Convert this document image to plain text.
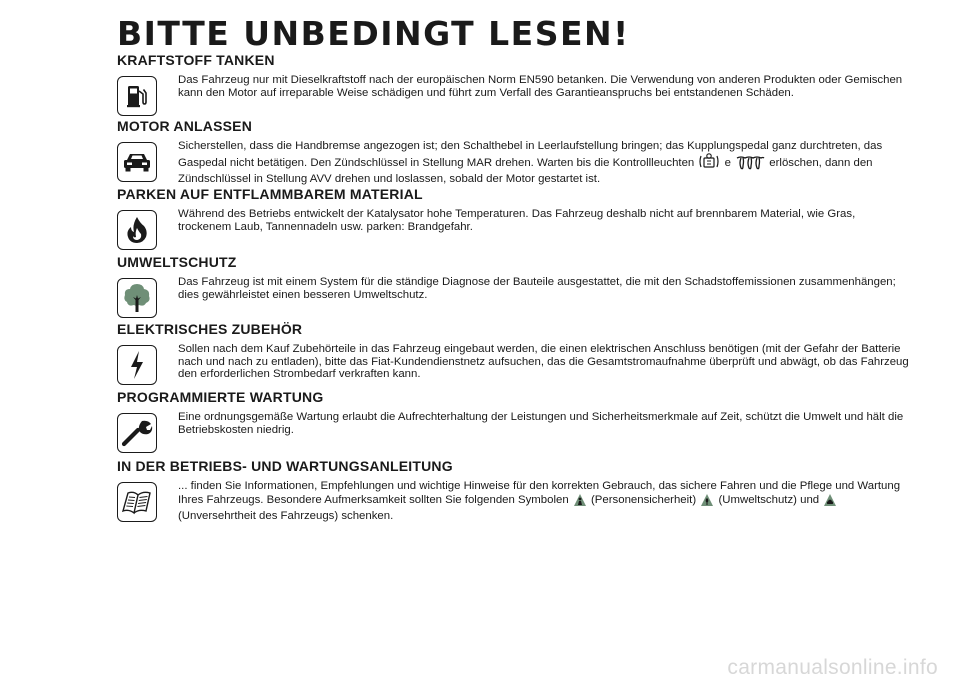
BITTE UNBEDINGT LESEN!
KRAFTSTOFF TANKEN

Das Fahrzeug nur mit Dieselkraftstoff nach der europäischen Norm EN590 betanken. Die Verwendung von anderen Produkten oder Gemischen kann den Motor auf irreparable Weise schädigen und führt zum Verfall des Garantieanspruchs bei entstandenen Schäden.

MOTOR ANLASSEN

Sicherstellen, dass die Handbremse angezogen ist; den Schalthebel in Leerlaufstellung bringen; das Kupplungspedal ganz durchtreten, das Gaspedal nicht betätigen. Den Zündschlüssel in Stellung MAR drehen. Warten bis die Kontrollleuchten	e	erlöschen, dann den Zündschlüssel in Stellung AVV drehen und loslassen, sobald der Motor gestartet ist.

PARKEN AUF ENTFLAMMBAREM MATERIAL

Während des Betriebs entwickelt der Katalysator hohe Temperaturen. Das Fahrzeug deshalb nicht auf brennbarem Material, wie Gras, trockenem Laub, Tannennadeln usw. parken: Brandgefahr.

UMWELTSCHUTZ

Das Fahrzeug ist mit einem System für die ständige Diagnose der Bauteile ausgestattet, die mit den Schadstoffemissionen zusammenhängen; dies gewährleistet einen besseren Umweltschutz.

ELEKTRISCHES ZUBEHÖR

Sollen nach dem Kauf Zubehörteile in das Fahrzeug eingebaut werden, die einen elektrischen Anschluss benötigen (mit der Gefahr der Batterie nach und nach zu entladen), bitte das Fiat-Kundendienstnetz aufsuchen, das die Gesamtstromaufnahme überprüft und abwägt, ob das Fahrzeug den erforderlichen Strombedarf verkraften kann.

PROGRAMMIERTE WARTUNG

Eine ordnungsgemäße Wartung erlaubt die Aufrechterhaltung der Leistungen und Sicherheitsmerkmale auf Zeit, schützt die Umwelt und hält die Betriebskosten niedrig.

IN DER BETRIEBS- UND WARTUNGSANLEITUNG

... finden Sie Informationen, Empfehlungen und wichtige Hinweise für den korrekten Gebrauch, das sichere Fahren und die Pflege und Wartung Ihres Fahrzeugs. Besondere Aufmerksamkeit sollten Sie folgenden Symbolen (Personensicherheit) (Umweltschutz) und  (Unversehrtheit des Fahrzeugs) schenken.

carmanualsonline.info
